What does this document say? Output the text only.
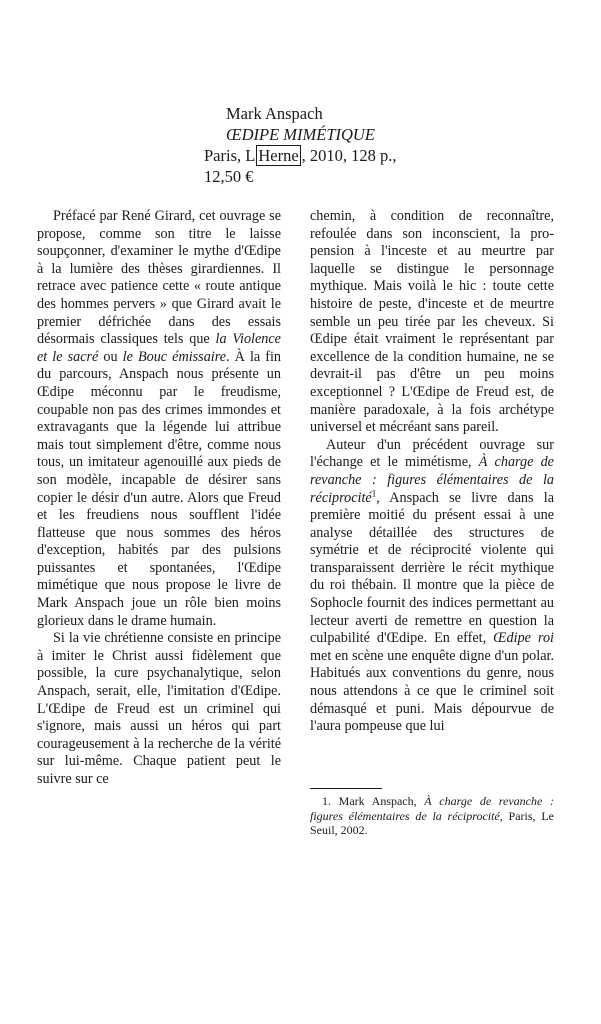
Mark Anspach
ŒDIPE MIMÉTIQUE
Paris, L Herne , 2010, 128 p.,
12,50 €

Préfacé par René Girard, cet ouvrage se propose, comme son titre le laisse soupçonner, d'examiner le mythe d'Œdipe à la lumière des thèses girardiennes. Il retrace avec patience cette « route antique des hommes pervers » que Girard avait le premier défrichée dans des essais désormais classiques tels que la Violence et le sacré ou le Bouc émissaire. À la fin du parcours, Anspach nous présente un Œdipe méconnu par le freudisme, coupable non pas des crimes immondes et extravagants que la légende lui attribue mais tout simplement d'être, comme nous tous, un imitateur agenouillé aux pieds de son modèle, incapable de désirer sans copier le désir d'un autre. Alors que Freud et les freudiens nous soufflent l'idée flatteuse que nous sommes des héros d'exception, habités par des pulsions puissantes et spontanées, l'Œdipe mimétique que nous propose le livre de Mark Anspach joue un rôle bien moins glorieux dans le drame humain.

Si la vie chrétienne consiste en principe à imiter le Christ aussi fidèlement que possible, la cure psychanalytique, selon Anspach, serait, elle, l'imitation d'Œdipe. L'Œdipe de Freud est un criminel qui s'ignore, mais aussi un héros qui part courageusement à la recherche de la vérité sur lui-même. Chaque patient peut le suivre sur ce

chemin, à condition de reconnaître, refoulée dans son inconscient, la propension à l'inceste et au meurtre par laquelle se distingue le personnage mythique. Mais voilà le hic : toute cette histoire de peste, d'inceste et de meurtre semble un peu tirée par les cheveux. Si Œdipe était vraiment le représentant par excellence de la condition humaine, ne se devrait-il pas d'être un peu moins exceptionnel ? L'Œdipe de Freud est, de manière paradoxale, à la fois archétype universel et mécréant sans pareil.

Auteur d'un précédent ouvrage sur l'échange et le mimétisme, À charge de revanche : figures élémentaires de la réciprocité$^1$, Anspach se livre dans la première moitié du présent essai à une analyse détaillée des structures de symétrie et de réciprocité violente qui transparaissent derrière le récit mythique du roi thébain. Il montre que la pièce de Sophocle fournit des indices permettant au lecteur averti de remettre en question la culpabilité d'Œdipe. En effet, Œdipe roi met en scène une enquête digne d'un polar. Habitués aux conventions du genre, nous nous attendons à ce que le criminel soit démasqué et puni. Mais dépourvue de l'aura pompeuse que lui

1. Mark Anspach, À charge de revanche : figures élémentaires de la réciprocité, Paris, Le Seuil, 2002.
